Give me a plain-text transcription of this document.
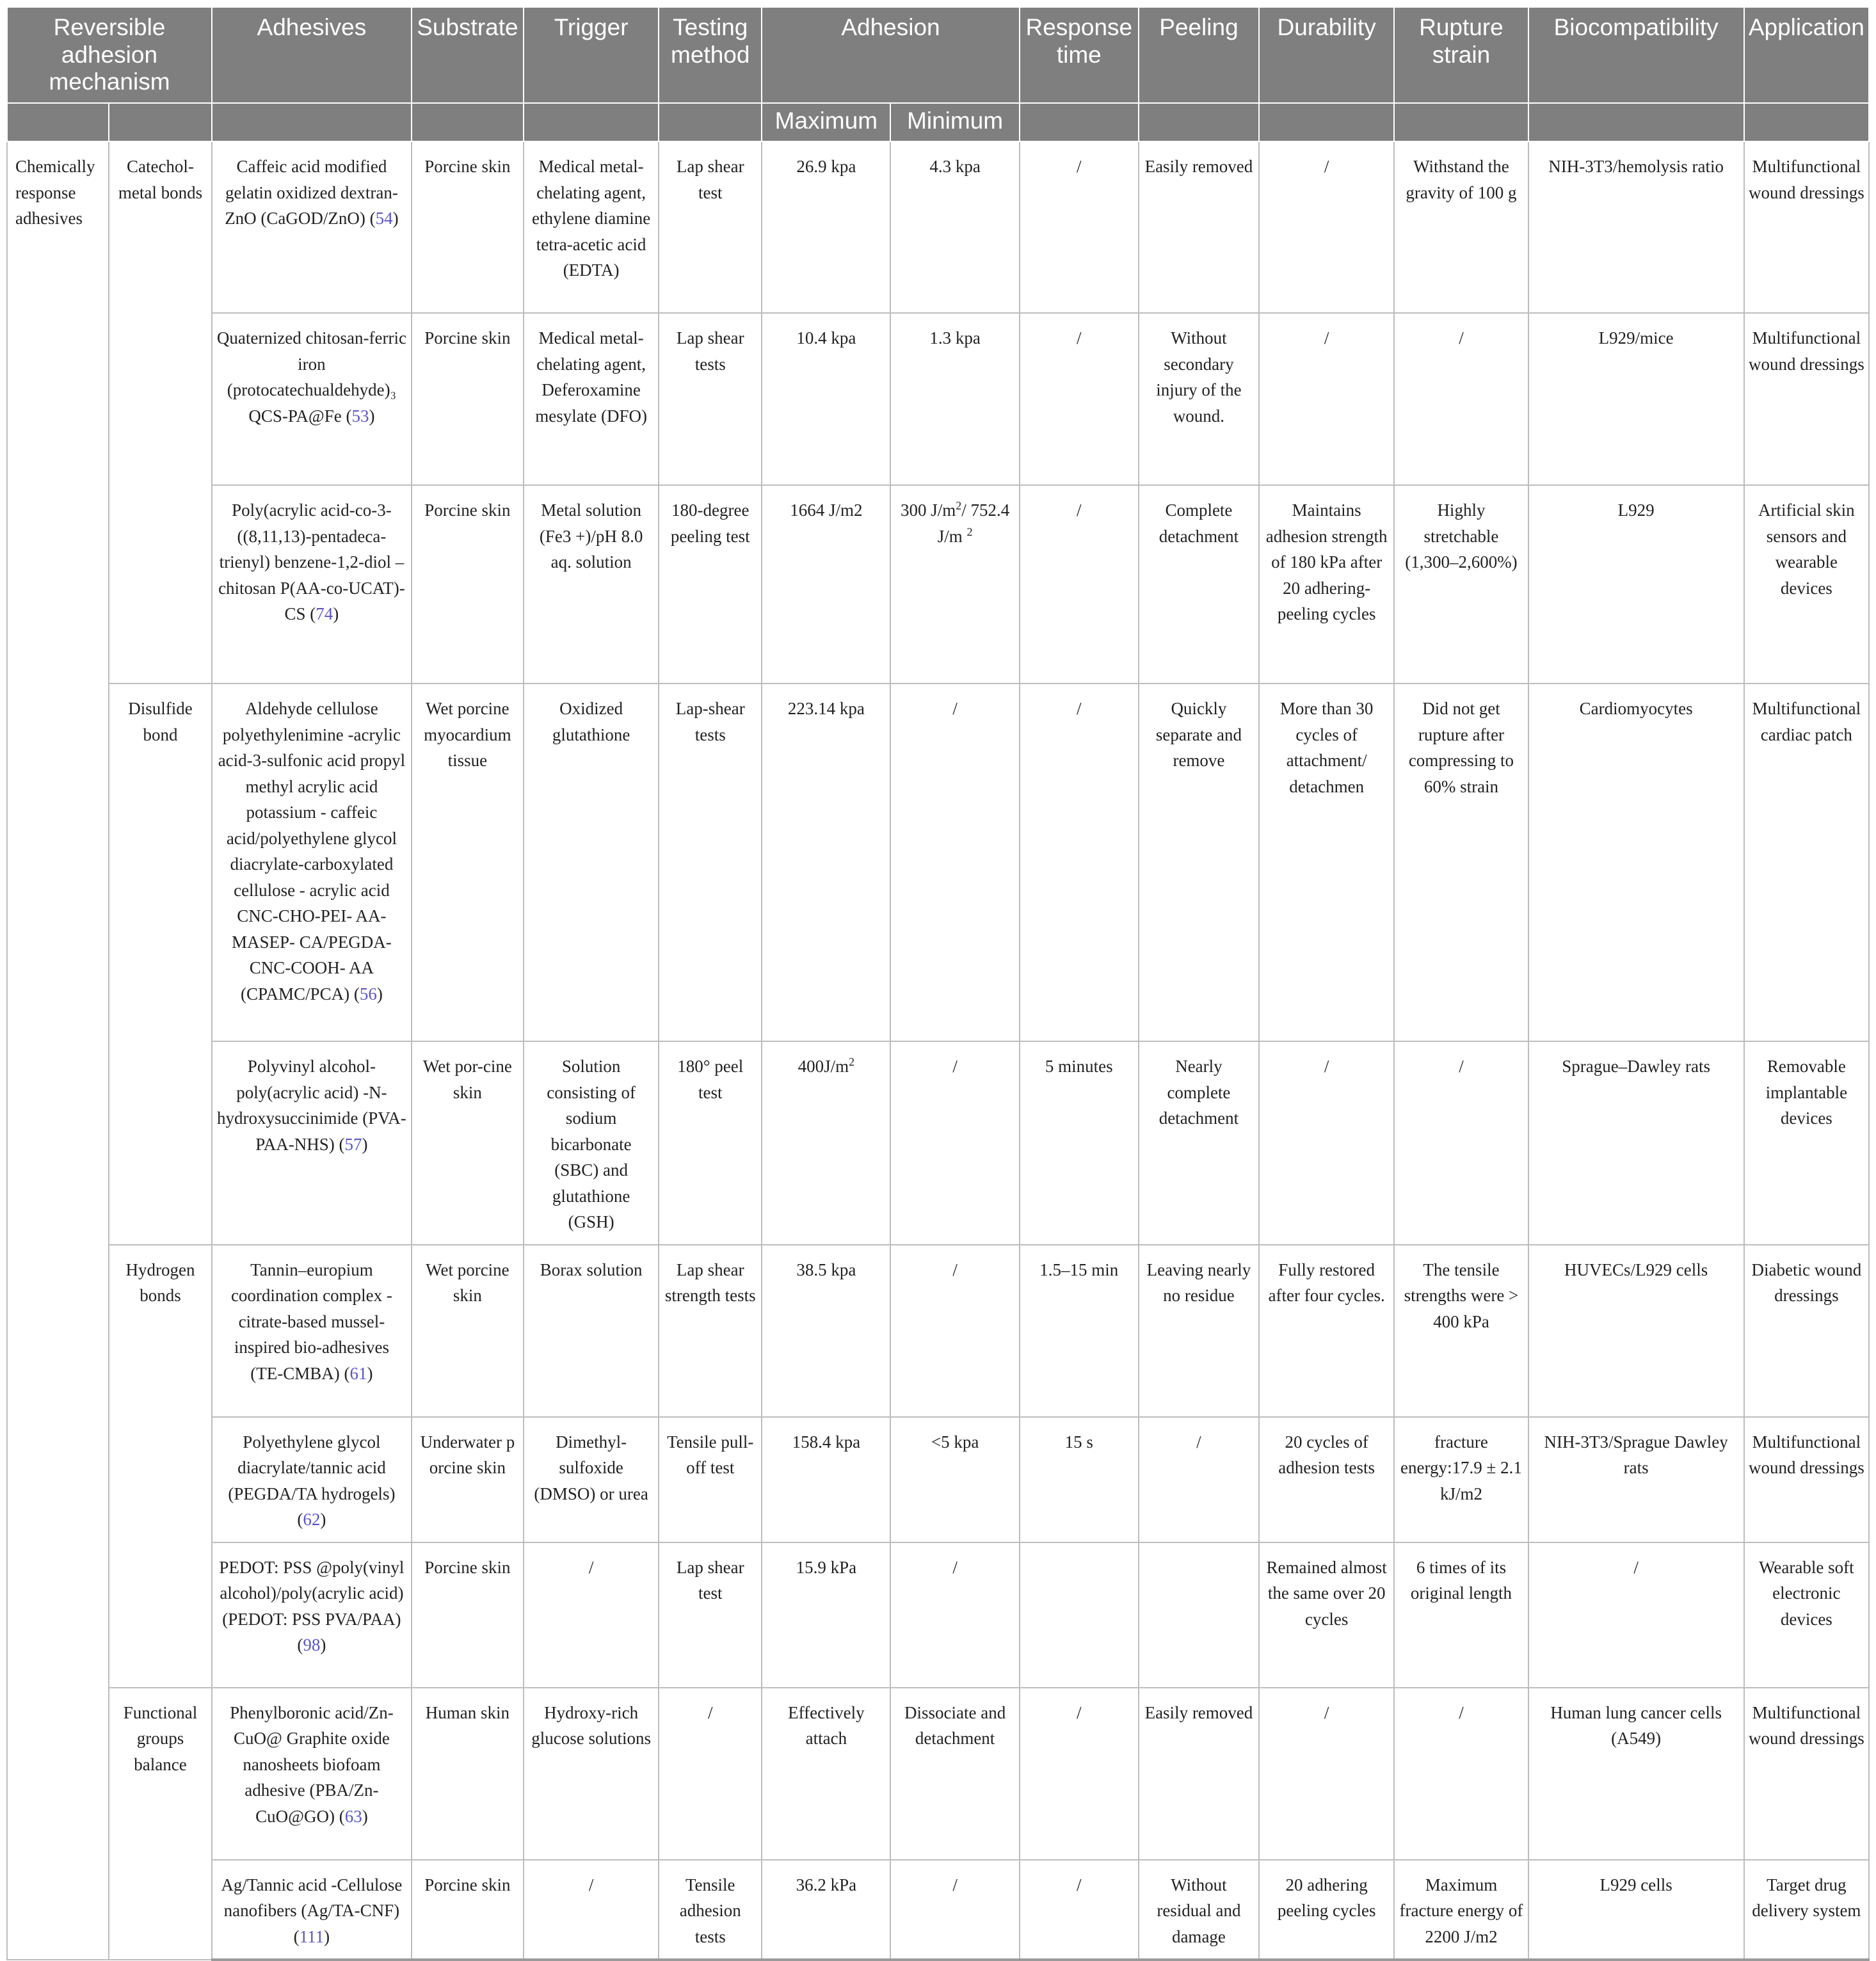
Reversible adhesion mechanism		Adhesives	Substrate	Trigger	Testing method	Adhesion		Response time	Peeling	Durability	Rupture strain	Biocompatibility	Application
						Maximum	Minimum						
Chemically response adhesives	Catechol-metal bonds	Caffeic acid modified gelatin oxidized dextran-ZnO (CaGOD/ZnO) (54)	Porcine skin	Medical metal-chelating agent, ethylene diamine tetra-acetic acid (EDTA)	Lap shear test	26.9 kpa	4.3 kpa	/	Easily removed	/	Withstand the gravity of 100 g	NIH-3T3/hemolysis ratio	Multifunctional wound dressings
		Quaternized chitosan-ferric iron (protocatechualdehyde)₃ QCS-PA@Fe (53)	Porcine skin	Medical metal-chelating agent, Deferoxamine mesylate (DFO)	Lap shear tests	10.4 kpa	1.3 kpa	/	Without secondary injury of the wound.	/	/	L929/mice	Multifunctional wound dressings
		Poly(acrylic acid-co-3-((8,11,13)-pentadeca-trienyl) benzene-1,2-diol – chitosan P(AA-co-UCAT)-CS (74)	Porcine skin	Metal solution (Fe3 +)/pH 8.0 aq. solution	180-degree peeling test	1664 J/m2	300 $J/m^2/$ 752.4 J/m $^2$	/	Complete detachment	Maintains adhesion strength of 180 kPa after 20 adhering-peeling cycles	Highly stretchable (1,300–2,600%)	L929	Artificial skin sensors and wearable devices
	Disulfide bond	Aldehyde cellulose polyethylenimine -acrylic acid-3-sulfonic acid propyl methyl acrylic acid potassium - caffeic acid/polyethylene glycol diacrylate-carboxylated cellulose - acrylic acid CNC-CHO-PEI- AA-MASEP- CA/PEGDA-CNC-COOH- AA (CPAMC/PCA) (56)	Wet porcine myocardium tissue	Oxidized glutathione	Lap-shear tests	223.14 kpa	/	/	Quickly separate and remove	More than 30 cycles of attachment/ detachmen	Did not get rupture after compressing to 60% strain	Cardiomyocytes	Multifunctional cardiac patch
		Polyvinyl alcohol-poly(acrylic acid) -N-hydroxysuccinimide (PVA-PAA-NHS) (57)	Wet por-cine skin	Solution consisting of sodium bicarbonate (SBC) and glutathione (GSH)	180° peel test	$400J/m^2$	/	5 minutes	Nearly complete detachment	/	/	Sprague–Dawley rats	Removable implantable devices
	Hydrogen bonds	Tannin–europium coordination complex -citrate-based mussel-inspired bio-adhesives (TE-CMBA) (61)	Wet porcine skin	Borax solution	Lap shear strength tests	38.5 kpa	/	1.5–15 min	Leaving nearly no residue	Fully restored after four cycles.	The tensile strengths were > 400 kPa	HUVECs/L929 cells	Diabetic wound dressings
		Polyethylene glycol diacrylate/tannic acid (PEGDA/TA hydrogels) (62)	Underwater p orcine skin	Dimethyl-sulfoxide (DMSO) or urea	Tensile pull-off test	158.4 kpa	<5 kpa	15 s	/	20 cycles of adhesion tests	fracture energy:17.9 ± 2.1 kJ/m2	NIH-3T3/Sprague Dawley rats	Multifunctional wound dressings
		PEDOT: PSS @poly(vinyl alcohol)/poly(acrylic acid) (PEDOT: PSS PVA/PAA) (98)	Porcine skin	/	Lap shear test	15.9 kPa	/			Remained almost the same over 20 cycles	6 times of its original length	/	Wearable soft electronic devices
	Functional groups balance	Phenylboronic acid/Zn-CuO@ Graphite oxide nanosheets biofoam adhesive (PBA/Zn-CuO@GO) (63)	Human skin	Hydroxy-rich glucose solutions	/	Effectively attach	Dissociate and detachment	/	Easily removed	/	/	Human lung cancer cells (A549)	Multifunctional wound dressings
		Ag/Tannic acid -Cellulose nanofibers (Ag/TA-CNF) (111)	Porcine skin	/	Tensile adhesion tests	36.2 kPa	/	/	Without residual and damage	20 adhering peeling cycles	Maximum fracture energy of 2200 J/m2	L929 cells	Target drug delivery system
